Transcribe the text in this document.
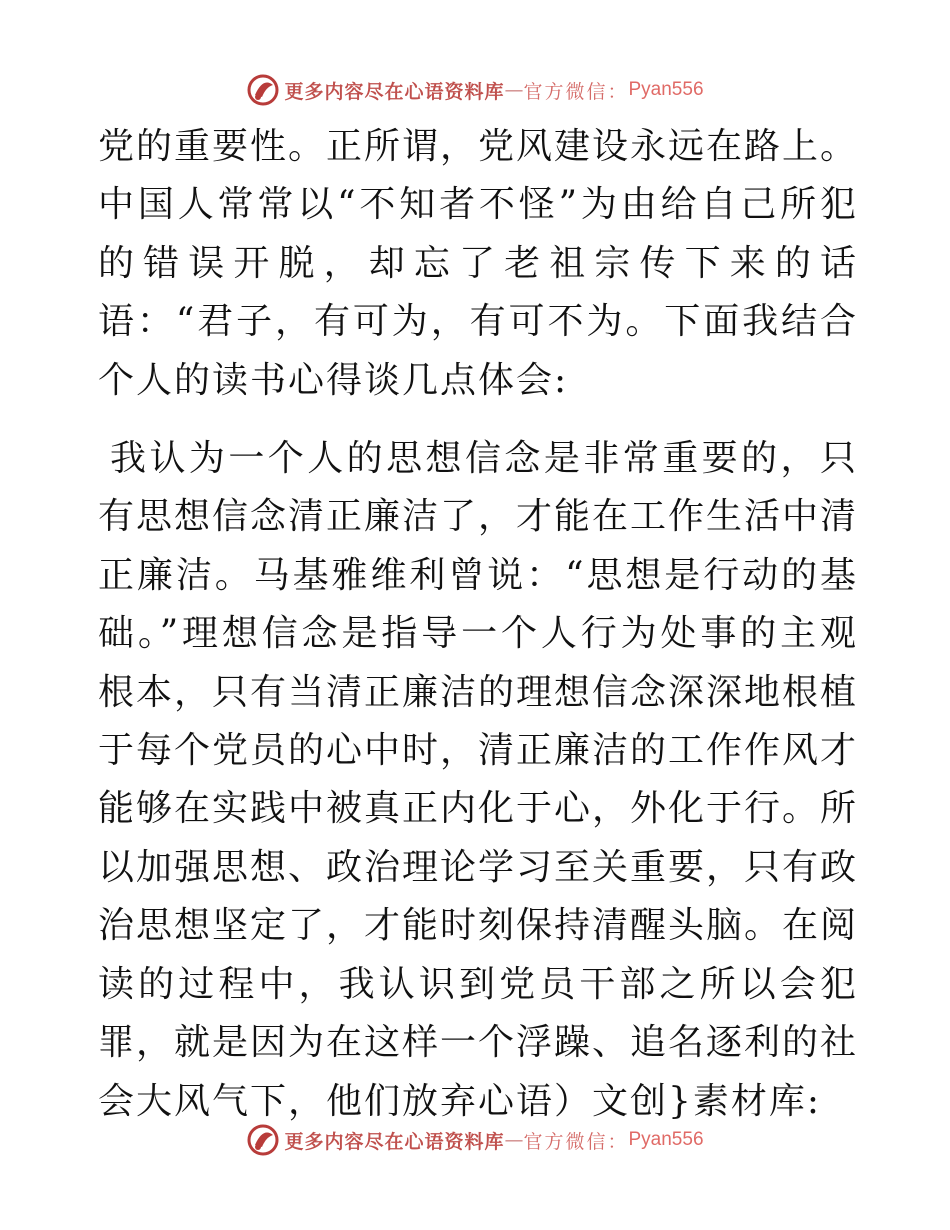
更多内容尽在心语资料库 — 官方微信： Pyan556

党的重要性。正所谓，党风建设永远在路上。中国人常常以“不知者不怪”为由给自己所犯的错误开脱，却忘了老祖宗传下来的话语：“君子，有可为，有可不为。下面我结合个人的读书心得谈几点体会:

我认为一个人的思想信念是非常重要的，只有思想信念清正廉洁了，才能在工作生活中清正廉洁。马基雅维利曾说：“思想是行动的基础。”理想信念是指导一个人行为处事的主观根本，只有当清正廉洁的理想信念深深地根植于每个党员的心中时，清正廉洁的工作作风才能够在实践中被真正内化于心，外化于行。所以加强思想、政治理论学习至关重要，只有政治思想坚定了，才能时刻保持清醒头脑。在阅读的过程中，我认识到党员干部之所以会犯罪，就是因为在这样一个浮躁、追名逐利的社会大风气下，他们放弃心语）文创}素材库:

更多内容尽在心语资料库 — 官方微信： Pyan556
